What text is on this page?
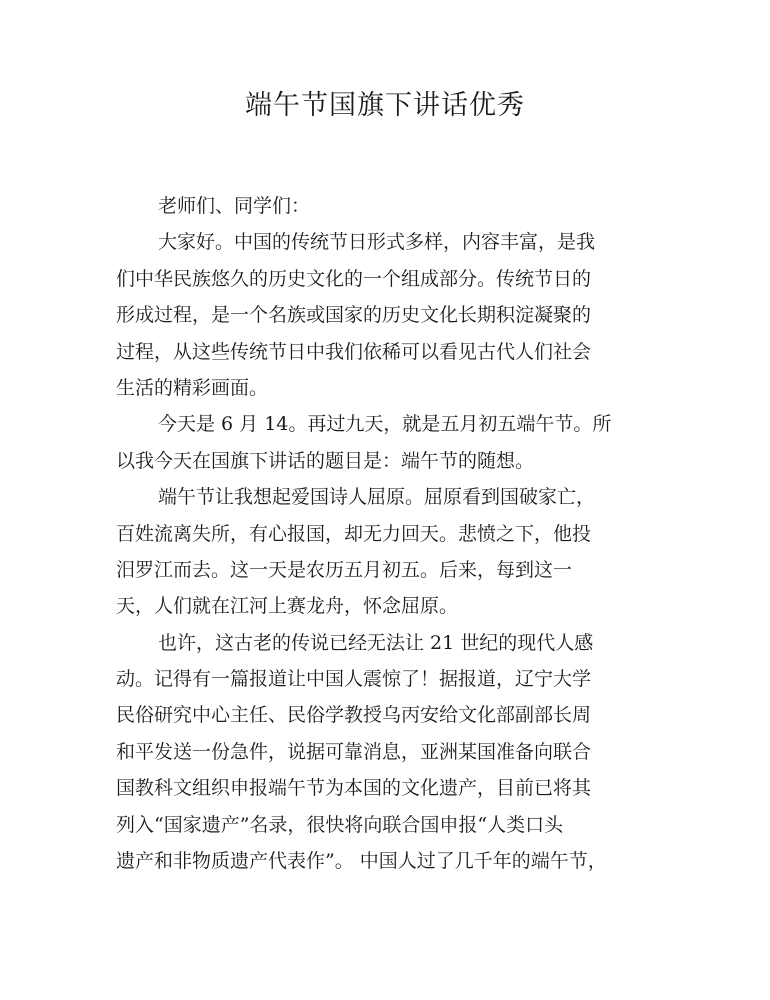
端午节国旗下讲话优秀
老师们、同学们：
大家好。中国的传统节日形式多样，内容丰富，是我
们中华民族悠久的历史文化的一个组成部分。传统节日的
形成过程，是一个名族或国家的历史文化长期积淀凝聚的
过程，从这些传统节日中我们依稀可以看见古代人们社会
生活的精彩画面。
今天是 6 月 14。再过九天，就是五月初五端午节。所
以我今天在国旗下讲话的题目是：端午节的随想。
端午节让我想起爱国诗人屈原。屈原看到国破家亡，
百姓流离失所，有心报国，却无力回天。悲愤之下，他投
汨罗江而去。这一天是农历五月初五。后来，每到这一
天，人们就在江河上赛龙舟，怀念屈原。
也许，这古老的传说已经无法让 21 世纪的现代人感
动。记得有一篇报道让中国人震惊了！据报道，辽宁大学
民俗研究中心主任、民俗学教授乌丙安给文化部副部长周
和平发送一份急件，说据可靠消息，亚洲某国准备向联合
国教科文组织申报端午节为本国的文化遗产，目前已将其
列入“国家遗产”名录，很快将向联合国申报“人类口头
遗产和非物质遗产代表作”。 中国人过了几千年的端午节，
